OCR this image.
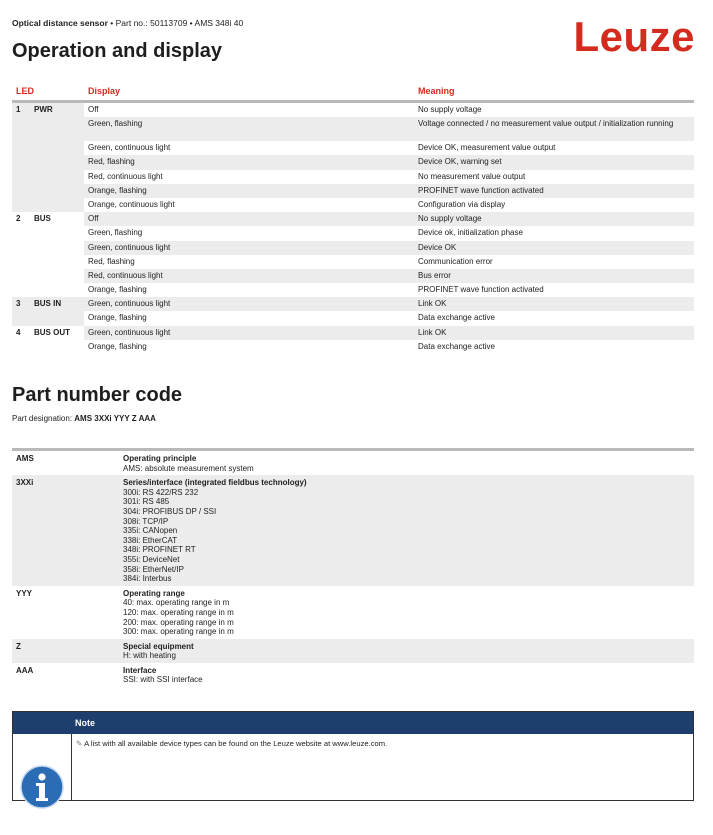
Optical distance sensor • Part no.: 50113709 • AMS 348i 40	Leuze
Operation and display
LED	Display	Meaning
1 PWR	Off	No supply voltage
Green, flashing	Voltage connected / no measurement value output / initialization running
Green, continuous light	Device OK, measurement value output
Red, flashing	Device OK, warning set
Red, continuous light	No measurement value output
Orange, flashing	PROFINET wave function activated
Orange, continuous light	Configuration via display
2 BUS	Off	No supply voltage
Green, flashing	Device ok, initialization phase
Green, continuous light	Device OK
Red, flashing	Communication error
Red, continuous light	Bus error
Orange, flashing	PROFINET wave function activated
3 BUS IN	Green, continuous light	Link OK
Orange, flashing	Data exchange active
4 BUS OUT	Green, continuous light	Link OK
Orange, flashing	Data exchange active
Part number code
Part designation: AMS 3XXi YYY Z AAA
AMS	Operating principle
AMS: absolute measurement system
3XXi	Series/interface (integrated fieldbus technology)
300i: RS 422/RS 232
301i: RS 485
304i: PROFIBUS DP / SSI
308i: TCP/IP
335i: CANopen
338i: EtherCAT
348i: PROFINET RT
355i: DeviceNet
358i: EtherNet/IP
384i: Interbus
YYY	Operating range
40: max. operating range in m
120: max. operating range in m
200: max. operating range in m
300: max. operating range in m
Z	Special equipment
H: with heating
AAA	Interface
SSI: with SSI interface
Note
✎ A list with all available device types can be found on the Leuze website at www.leuze.com.
